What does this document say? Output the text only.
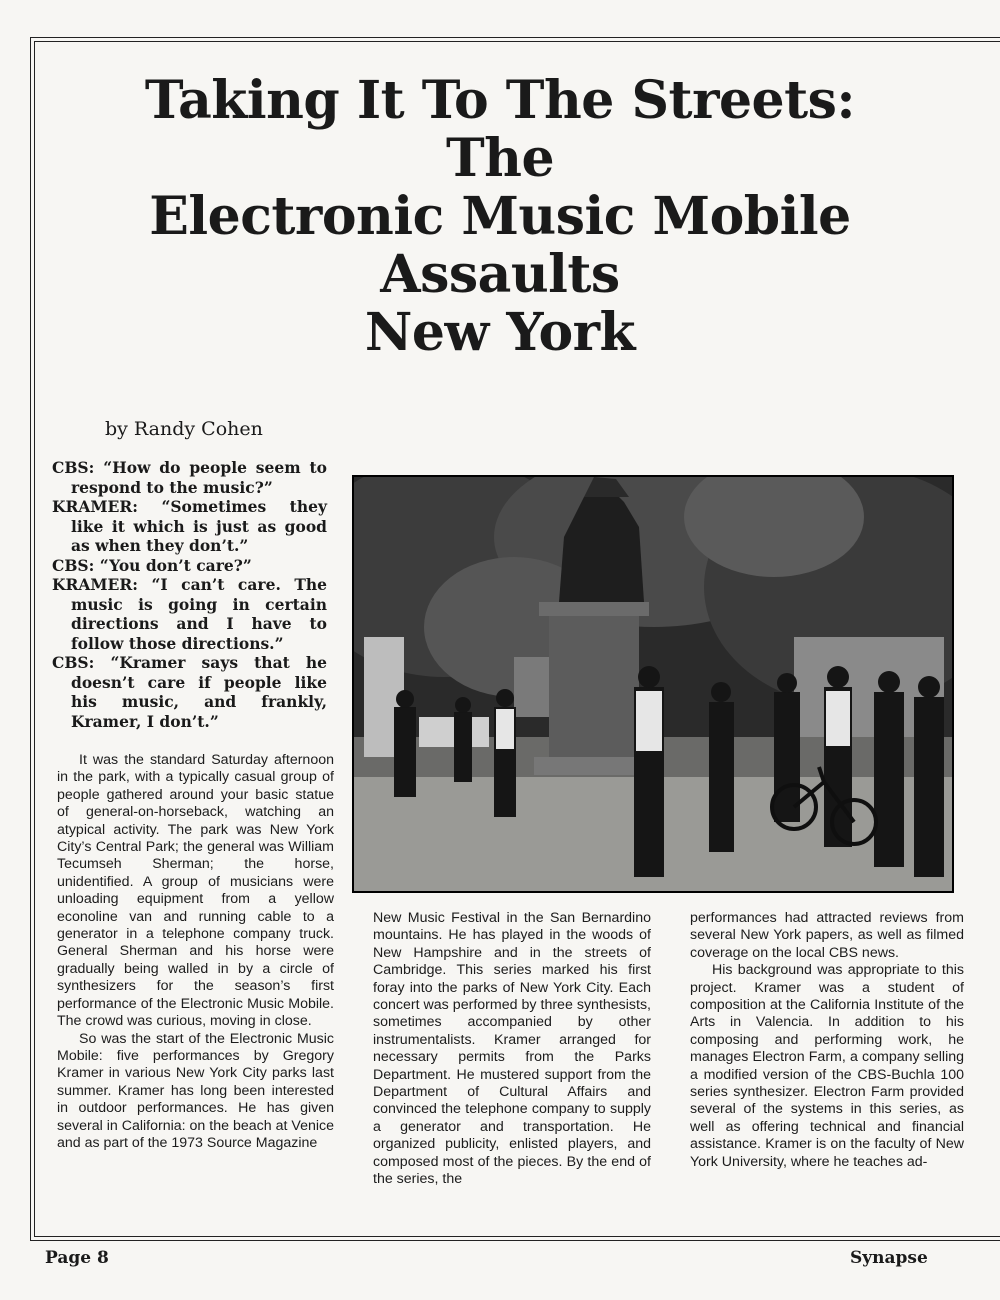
Taking It To The Streets:
The
Electronic Music Mobile
Assaults
New York
by Randy Cohen

CBS: “How do people seem to respond to the music?”

KRAMER: “Sometimes they like it which is just as good as when they don’t.”

CBS: “You don’t care?”

KRAMER: “I can’t care. The music is going in certain directions and I have to follow those directions.”

CBS: “Kramer says that he doesn’t care if people like his music, and frankly, Kramer, I don’t.”

It was the standard Saturday afternoon in the park, with a typically casual group of people gathered around your basic statue of general-on-horseback, watching an atypical activity. The park was New York City’s Central Park; the general was William Tecumseh Sherman; the horse, unidentified. A group of musicians were unloading equipment from a yellow econoline van and running cable to a generator in a telephone company truck. General Sherman and his horse were gradually being walled in by a circle of synthesizers for the season’s first performance of the Electronic Music Mobile. The crowd was curious, moving in close.

So was the start of the Electronic Music Mobile: five performances by Gregory Kramer in various New York City parks last summer. Kramer has long been interested in outdoor performances. He has given several in California: on the beach at Venice and as part of the 1973 Source Magazine

New Music Festival in the San Bernardino mountains. He has played in the woods of New Hampshire and in the streets of Cambridge. This series marked his first foray into the parks of New York City. Each concert was performed by three synthesists, sometimes accompanied by other instrumentalists. Kramer arranged for necessary permits from the Parks Department. He mustered support from the Department of Cultural Affairs and convinced the telephone company to supply a generator and transportation. He organized publicity, enlisted players, and composed most of the pieces. By the end of the series, the

performances had attracted reviews from several New York papers, as well as filmed coverage on the local CBS news.

His background was appropriate to this project. Kramer was a student of composition at the California Institute of the Arts in Valencia. In addition to his composing and performing work, he manages Electron Farm, a company selling a modified version of the CBS-Buchla 100 series synthesizer. Electron Farm provided several of the systems in this series, as well as offering technical and financial assistance. Kramer is on the faculty of New York University, where he teaches ad-

Page 8	Synapse
